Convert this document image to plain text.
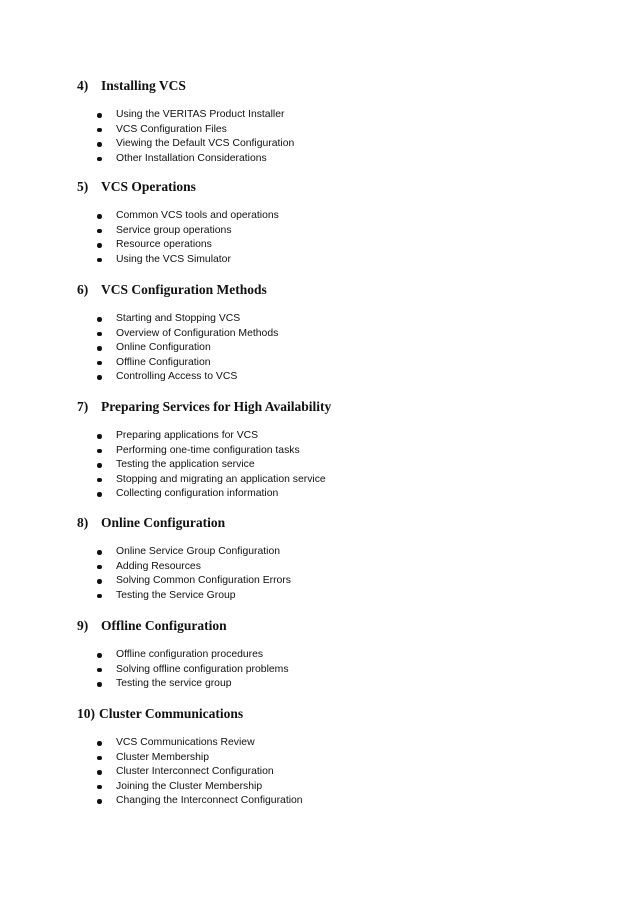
4) Installing VCS
Using the VERITAS Product Installer
VCS Configuration Files
Viewing the Default VCS Configuration
Other Installation Considerations
5) VCS Operations
Common VCS tools and operations
Service group operations
Resource operations
Using the VCS Simulator
6) VCS Configuration Methods
Starting and Stopping VCS
Overview of Configuration Methods
Online Configuration
Offline Configuration
Controlling Access to VCS
7) Preparing Services for High Availability
Preparing applications for VCS
Performing one-time configuration tasks
Testing the application service
Stopping and migrating an application service
Collecting configuration information
8) Online Configuration
Online Service Group Configuration
Adding Resources
Solving Common Configuration Errors
Testing the Service Group
9) Offline Configuration
Offline configuration procedures
Solving offline configuration problems
Testing the service group
10) Cluster Communications
VCS Communications Review
Cluster Membership
Cluster Interconnect Configuration
Joining the Cluster Membership
Changing the Interconnect Configuration
